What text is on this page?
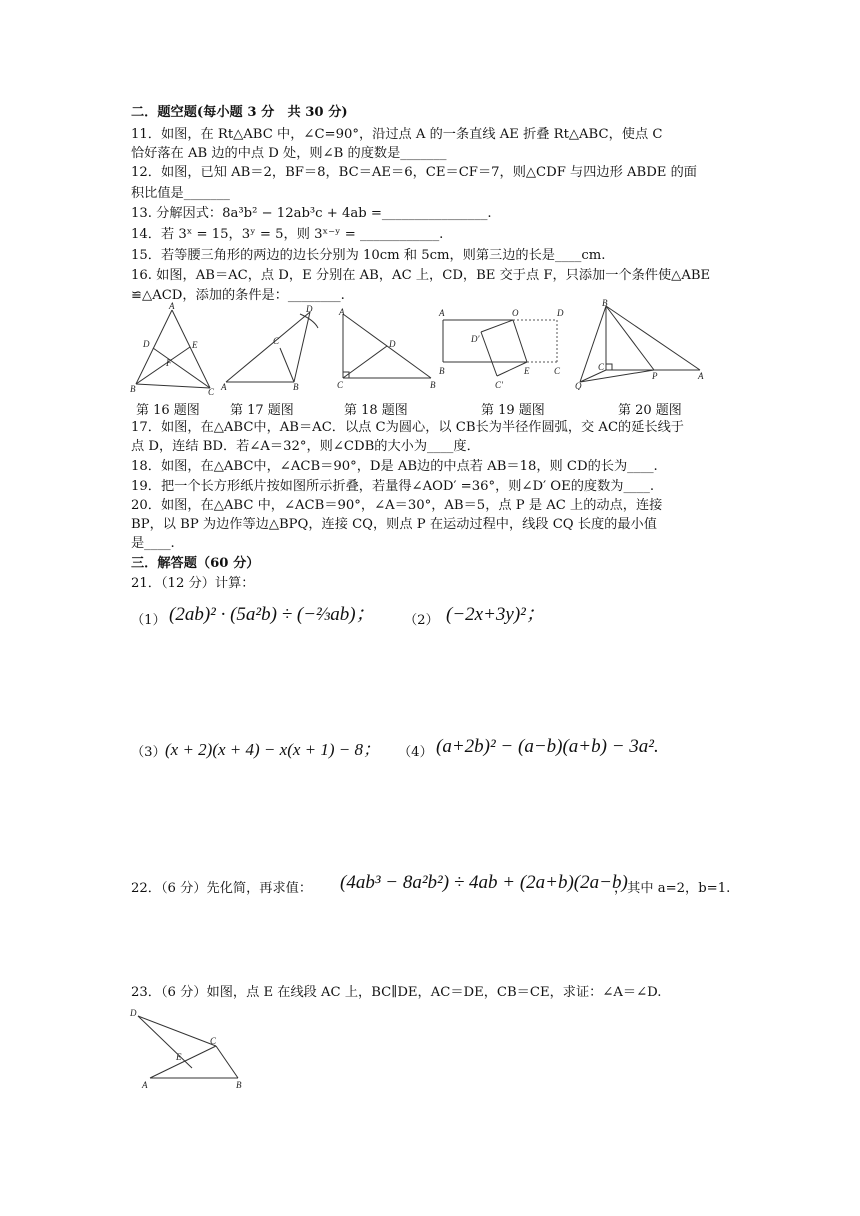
二．题空题(每小题 3 分　共 30 分)
11．如图，在 Rt△ABC 中，∠C=90°，沿过点 A 的一条直线 AE 折叠 Rt△ABC，使点 C
恰好落在 AB 边的中点 D 处，则∠B 的度数是_______
12．如图，已知 AB＝2，BF＝8，BC＝AE＝6，CE＝CF＝7，则△CDF 与四边形 ABDE 的面
积比值是_______
13. 分解因式：8a³b² − 12ab³c + 4ab =________________.
14．若 3ˣ = 15，3ʸ = 5，则 3ˣ⁻ʸ = ____________.
15．若等腰三角形的两边的边长分别为 10cm 和 5cm，则第三边的长是____cm.
16. 如图，AB＝AC，点 D，E 分别在 AB，AC 上，CD，BE 交于点 F，只添加一个条件使△ABE
≌△ACD，添加的条件是：________.
A
D	E
F
B	C
D
C
A	B
A
D
C	B
A	O	D
D′
B	E	C
C′
B
C
Q
P	A
第 16 题图 第 17 题图	第 18 题图	第 19 题图	第 20 题图
17．如图，在△ABC中，AB＝AC．以点 C为圆心，以 CB长为半径作圆弧，交 AC的延长线于
点 D，连结 BD．若∠A＝32°，则∠CDB的大小为____度．
18．如图，在△ABC中，∠ACB＝90°，D是 AB边的中点若 AB＝18，则 CD的长为____.
19．把一个长方形纸片按如图所示折叠，若量得∠AOD′ =36°，则∠D′ OE的度数为____.
20．如图，在△ABC 中，∠ACB＝90°，∠A＝30°，AB＝5，点 P 是 AC 上的动点，连接
BP，以 BP 为边作等边△BPQ，连接 CQ，则点 P 在运动过程中，线段 CQ 长度的最小值
是____.
三．解答题（60 分）
21．（12 分）计算：
（1） (2ab)² · (5a²b) ÷ (−⅔ab)； （2） (−2x+3y)²；
（3） (x + 2)(x + 4) − x(x + 1) − 8； （4） (a+2b)² − (a−b)(a+b) − 3a².
22．（6 分）先化简，再求值： (4ab³ − 8a²b²) ÷ 4ab + (2a+b)(2a−b)
，其中 a=2，b=1.
23．（6 分）如图，点 E 在线段 AC 上，BC∥DE，AC＝DE，CB＝CE，求证：∠A＝∠D.
D
C
E
A	B
